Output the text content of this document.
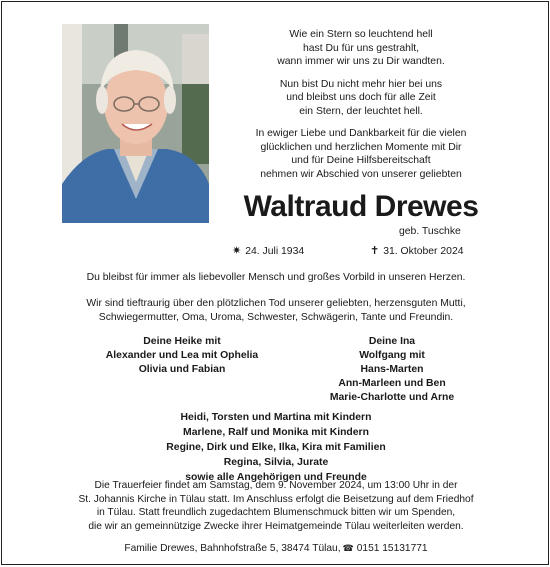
Wie ein Stern so leuchtend hell
hast Du für uns gestrahlt,
wann immer wir uns zu Dir wandten.
Nun bist Du nicht mehr hier bei uns
und bleibst uns doch für alle Zeit
ein Stern, der leuchtet hell.
In ewiger Liebe und Dankbarkeit für die vielen
glücklichen und herzlichen Momente mit Dir
und für Deine Hilfsbereitschaft
nehmen wir Abschied von unserer geliebten
Waltraud Drewes
geb. Tuschke
✷ 24. Juli 1934	✝ 31. Oktober 2024
Du bleibst für immer als liebevoller Mensch und großes Vorbild in unseren Herzen.
Wir sind tieftraurig über den plötzlichen Tod unserer geliebten, herzensguten Mutti,
Schwiegermutter, Oma, Uroma, Schwester, Schwägerin, Tante und Freundin.
Deine Heike mit
Alexander und Lea mit Ophelia
Olivia und Fabian
Deine Ina
Wolfgang mit
Hans-Marten
Ann-Marleen und Ben
Marie-Charlotte und Arne
Heidi, Torsten und Martina mit Kindern
Marlene, Ralf und Monika mit Kindern
Regine, Dirk und Elke, Ilka, Kira mit Familien
Regina, Silvia, Jurate
sowie alle Angehörigen und Freunde
Die Trauerfeier findet am Samstag, dem 9. November 2024, um 13:00 Uhr in der
St. Johannis Kirche in Tülau statt. Im Anschluss erfolgt die Beisetzung auf dem Friedhof
in Tülau. Statt freundlich zugedachtem Blumenschmuck bitten wir um Spenden,
die wir an gemeinnützige Zwecke ihrer Heimatgemeinde Tülau weiterleiten werden.
Familie Drewes, Bahnhofstraße 5, 38474 Tülau, ☎ 0151 15131771
